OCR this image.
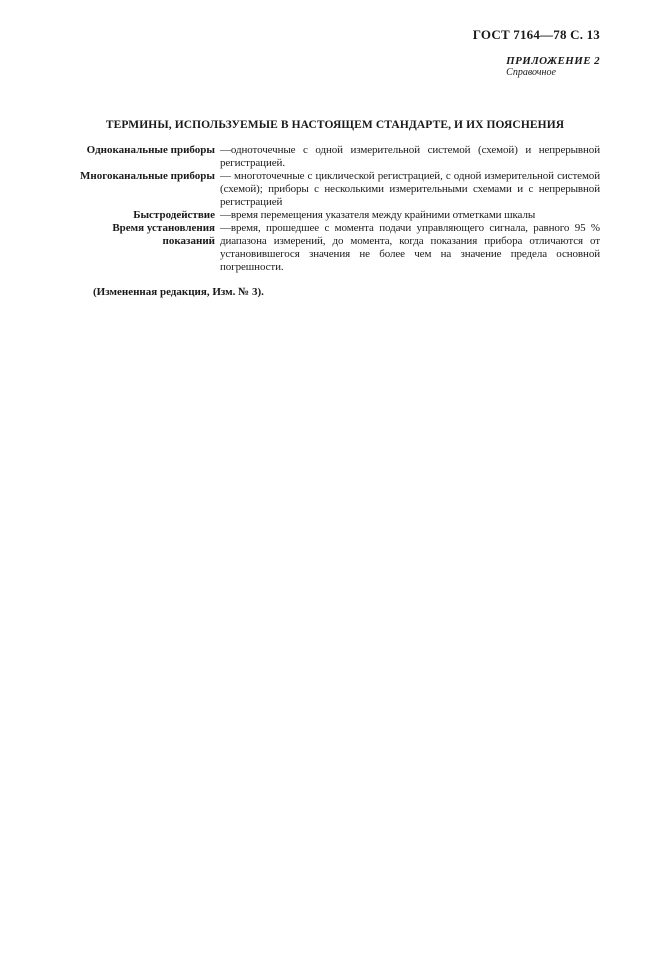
ГОСТ 7164—78 С. 13
ПРИЛОЖЕНИЕ 2
Справочное
ТЕРМИНЫ, ИСПОЛЬЗУЕМЫЕ В НАСТОЯЩЕМ СТАНДАРТЕ, И ИХ ПОЯСНЕНИЯ
Одноканальные приборы —одноточечные с одной измерительной системой (схемой) и непрерывной регистрацией.
Многоканальные приборы — многоточечные с циклической регистрацией, с одной измерительной системой (схемой); приборы с несколькими измерительными схемами и с непрерывной регистрацией
Быстродействие —время перемещения указателя между крайними отметками шкалы
Время установления показаний
—время, прошедшее с момента подачи управляющего сигнала, равного 95 % диапазона измерений, до момента, когда показания прибора отличаются от установившегося значения не более чем на значение предела основной погрешности.
(Измененная редакция, Изм. № 3).
